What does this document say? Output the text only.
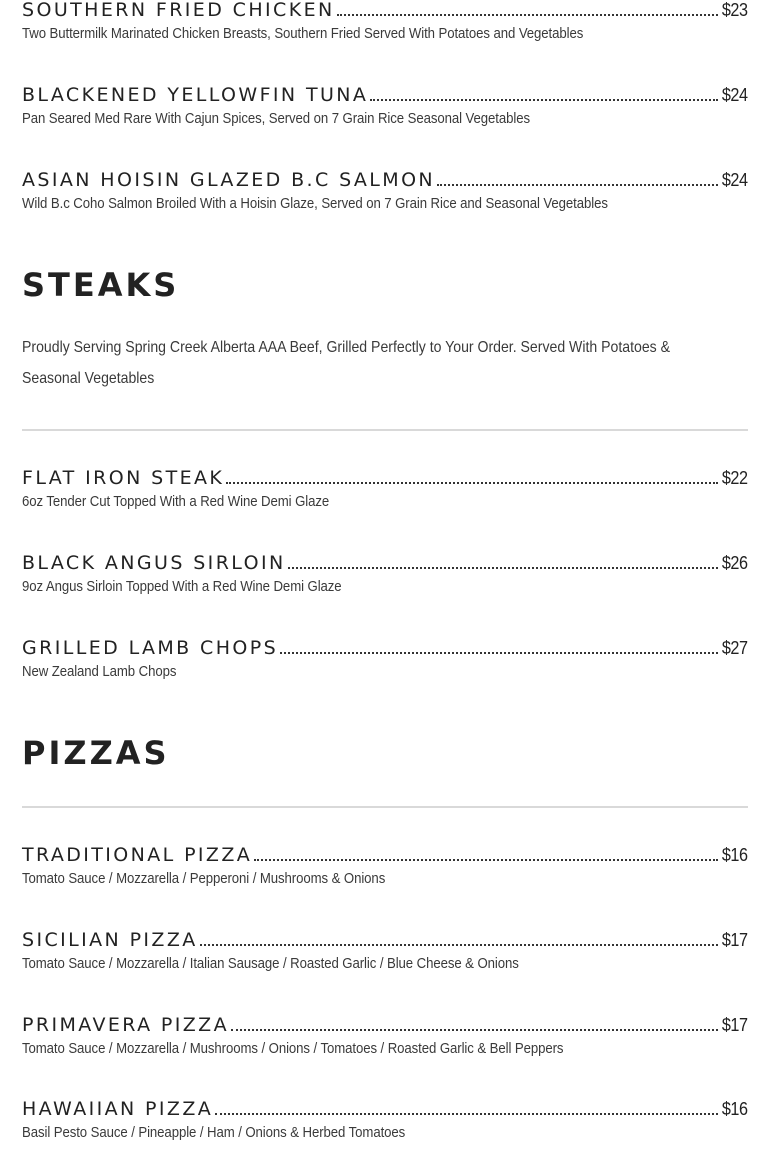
SOUTHERN FRIED CHICKEN	$23
Two Buttermilk Marinated Chicken Breasts, Southern Fried Served With Potatoes and Vegetables
BLACKENED YELLOWFIN TUNA	$24
Pan Seared Med Rare With Cajun Spices, Served on 7 Grain Rice Seasonal Vegetables
ASIAN HOISIN GLAZED B.C SALMON	$24
Wild B.c Coho Salmon Broiled With a Hoisin Glaze, Served on 7 Grain Rice and Seasonal Vegetables
STEAKS

Proudly Serving Spring Creek Alberta AAA Beef, Grilled Perfectly to Your Order. Served With Potatoes & Seasonal Vegetables

FLAT IRON STEAK	$22
6oz Tender Cut Topped With a Red Wine Demi Glaze
BLACK ANGUS SIRLOIN	$26
9oz Angus Sirloin Topped With a Red Wine Demi Glaze
GRILLED LAMB CHOPS	$27
New Zealand Lamb Chops
PIZZAS
TRADITIONAL PIZZA	$16
Tomato Sauce / Mozzarella / Pepperoni / Mushrooms & Onions
SICILIAN PIZZA	$17
Tomato Sauce / Mozzarella / Italian Sausage / Roasted Garlic / Blue Cheese & Onions
PRIMAVERA PIZZA	$17
Tomato Sauce / Mozzarella / Mushrooms / Onions / Tomatoes / Roasted Garlic & Bell Peppers
HAWAIIAN PIZZA	$16
Basil Pesto Sauce / Pineapple / Ham / Onions & Herbed Tomatoes
